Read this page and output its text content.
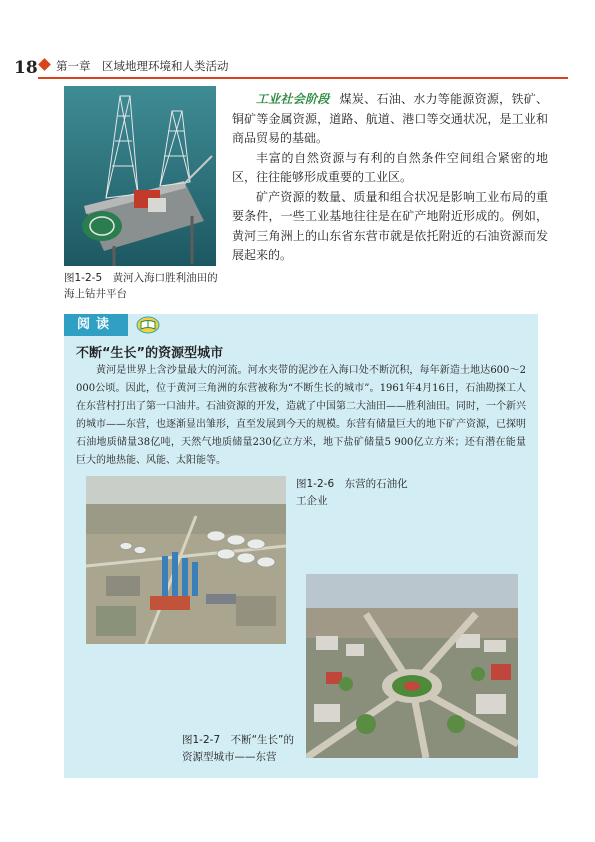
18 第一章　区域地理环境和人类活动
图1-2-5　黄河入海口胜利油田的海上钻井平台

工业社会阶段 煤炭、石油、水力等能源资源，铁矿、铜矿等金属资源，道路、航道、港口等交通状况，是工业和商品贸易的基础。

丰富的自然资源与有利的自然条件空间组合紧密的地区，往往能够形成重要的工业区。

矿产资源的数量、质量和组合状况是影响工业布局的重要条件，一些工业基地往往是在矿产地附近形成的。例如，黄河三角洲上的山东省东营市就是依托附近的石油资源而发展起来的。

阅读
不断“生长”的资源型城市

黄河是世界上含沙量最大的河流。河水夹带的泥沙在入海口处不断沉积，每年新造土地达600～2 000公顷。因此，位于黄河三角洲的东营被称为“不断生长的城市”。1961年4月16日，石油勘探工人在东营村打出了第一口油井。石油资源的开发，造就了中国第二大油田——胜利油田。同时，一个新兴的城市——东营，也逐渐显出雏形，直至发展到今天的规模。东营有储量巨大的地下矿产资源，已探明石油地质储量38亿吨，天然气地质储量230亿立方米，地下盐矿储量5 900亿立方米；还有潜在能量巨大的地热能、风能、太阳能等。

图1-2-6　东营的石油化工企业
图1-2-7　不断“生长”的资源型城市——东营
